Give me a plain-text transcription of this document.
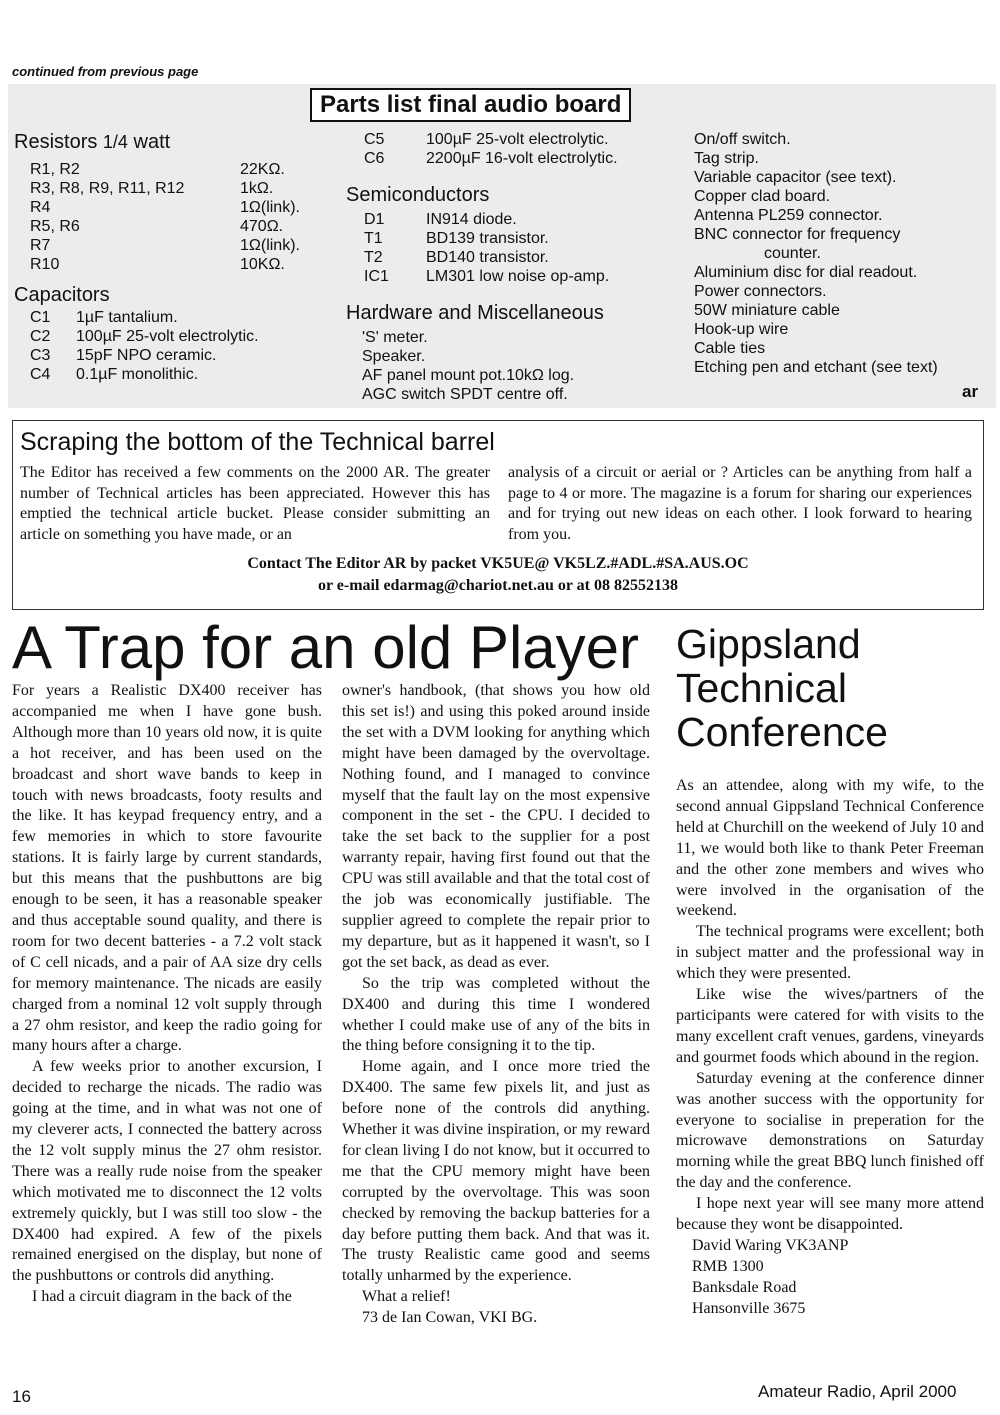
continued from previous page
Parts list final audio board
Resistors 1/4 watt
R1, R2	22KΩ.
R3, R8, R9, R11, R12	1kΩ.
R4	1Ω(link).
R5, R6	470Ω.
R7	1Ω(link).
R10	10KΩ.
Capacitors
C1	1µF tantalium.
C2	100µF 25-volt electrolytic.
C3	15pF NPO ceramic.
C4	0.1µF monolithic.
C5	100µF 25-volt electrolytic.
C6	2200µF 16-volt electrolytic.
Semiconductors
D1	IN914 diode.
T1	BD139 transistor.
T2	BD140 transistor.
IC1	LM301 low noise op-amp.
Hardware and Miscellaneous
'S' meter.
Speaker.
AF panel mount pot.10kΩ log.
AGC switch SPDT centre off.
On/off switch.
Tag strip.
Variable capacitor (see text).
Copper clad board.
Antenna PL259 connector.
BNC connector for frequency
counter.
Aluminium disc for dial readout.
Power connectors.
50W miniature cable
Hook-up wire
Cable ties
Etching pen and etchant (see text)
ar
Scraping the bottom of the Technical barrel
The Editor has received a few comments on the 2000 AR. The greater number of Technical articles has been appreciated. However this has emptied the technical article bucket. Please consider submitting an article on something you have made, or an
analysis of a circuit or aerial or ? Articles can be anything from half a page to 4 or more. The magazine is a forum for sharing our experiences and for trying out new ideas on each other. I look forward to hearing from you.
Contact The Editor AR by packet VK5UE@ VK5LZ.#ADL.#SA.AUS.OC
or e-mail edarmag@chariot.net.au or at 08 82552138
A Trap for an old Player

For years a Realistic DX400 receiver has accompanied me when I have gone bush. Although more than 10 years old now, it is quite a hot receiver, and has been used on the broadcast and short wave bands to keep in touch with news broadcasts, footy results and the like. It has keypad frequency entry, and a few memories in which to store favourite stations. It is fairly large by current standards, but this means that the pushbuttons are big enough to be seen, it has a reasonable speaker and thus acceptable sound quality, and there is room for two decent batteries - a 7.2 volt stack of C cell nicads, and a pair of AA size dry cells for memory maintenance. The nicads are easily charged from a nominal 12 volt supply through a 27 ohm resistor, and keep the radio going for many hours after a charge.

A few weeks prior to another excursion, I decided to recharge the nicads. The radio was going at the time, and in what was not one of my cleverer acts, I connected the battery across the 12 volt supply minus the 27 ohm resistor. There was a really rude noise from the speaker which motivated me to disconnect the 12 volts extremely quickly, but I was still too slow - the DX400 had expired. A few of the pixels remained energised on the display, but none of the pushbuttons or controls did anything.

I had a circuit diagram in the back of the

owner's handbook, (that shows you how old this set is!) and using this poked around inside the set with a DVM looking for anything which might have been damaged by the overvoltage. Nothing found, and I managed to convince myself that the fault lay on the most expensive component in the set - the CPU. I decided to take the set back to the supplier for a post warranty repair, having first found out that the CPU was still available and that the total cost of the job was economically justifiable. The supplier agreed to complete the repair prior to my departure, but as it happened it wasn't, so I got the set back, as dead as ever.

So the trip was completed without the DX400 and during this time I wondered whether I could make use of any of the bits in the thing before consigning it to the tip.

Home again, and I once more tried the DX400. The same few pixels lit, and just as before none of the controls did anything. Whether it was divine inspiration, or my reward for clean living I do not know, but it occurred to me that the CPU memory might have been corrupted by the overvoltage. This was soon checked by removing the backup batteries for a day before putting them back. And that was it. The trusty Realistic came good and seems totally unharmed by the experience.

What a relief!

73 de Ian Cowan, VKI BG.

Gippsland
Technical
Conference

As an attendee, along with my wife, to the second annual Gippsland Technical Conference held at Churchill on the weekend of July 10 and 11, we would both like to thank Peter Freeman and the other zone members and wives who were involved in the organisation of the weekend.

The technical programs were excellent; both in subject matter and the professional way in which they were presented.

Like wise the wives/partners of the participants were catered for with visits to the many excellent craft venues, gardens, vineyards and gourmet foods which abound in the region.

Saturday evening at the conference dinner was another success with the opportunity for everyone to socialise in preperation for the microwave demonstrations on Saturday morning while the great BBQ lunch finished off the day and the conference.

I hope next year will see many more attend because they wont be disappointed.

David Waring VK3ANP

RMB 1300

Banksdale Road

Hansonville 3675

16	Amateur Radio, April 2000
